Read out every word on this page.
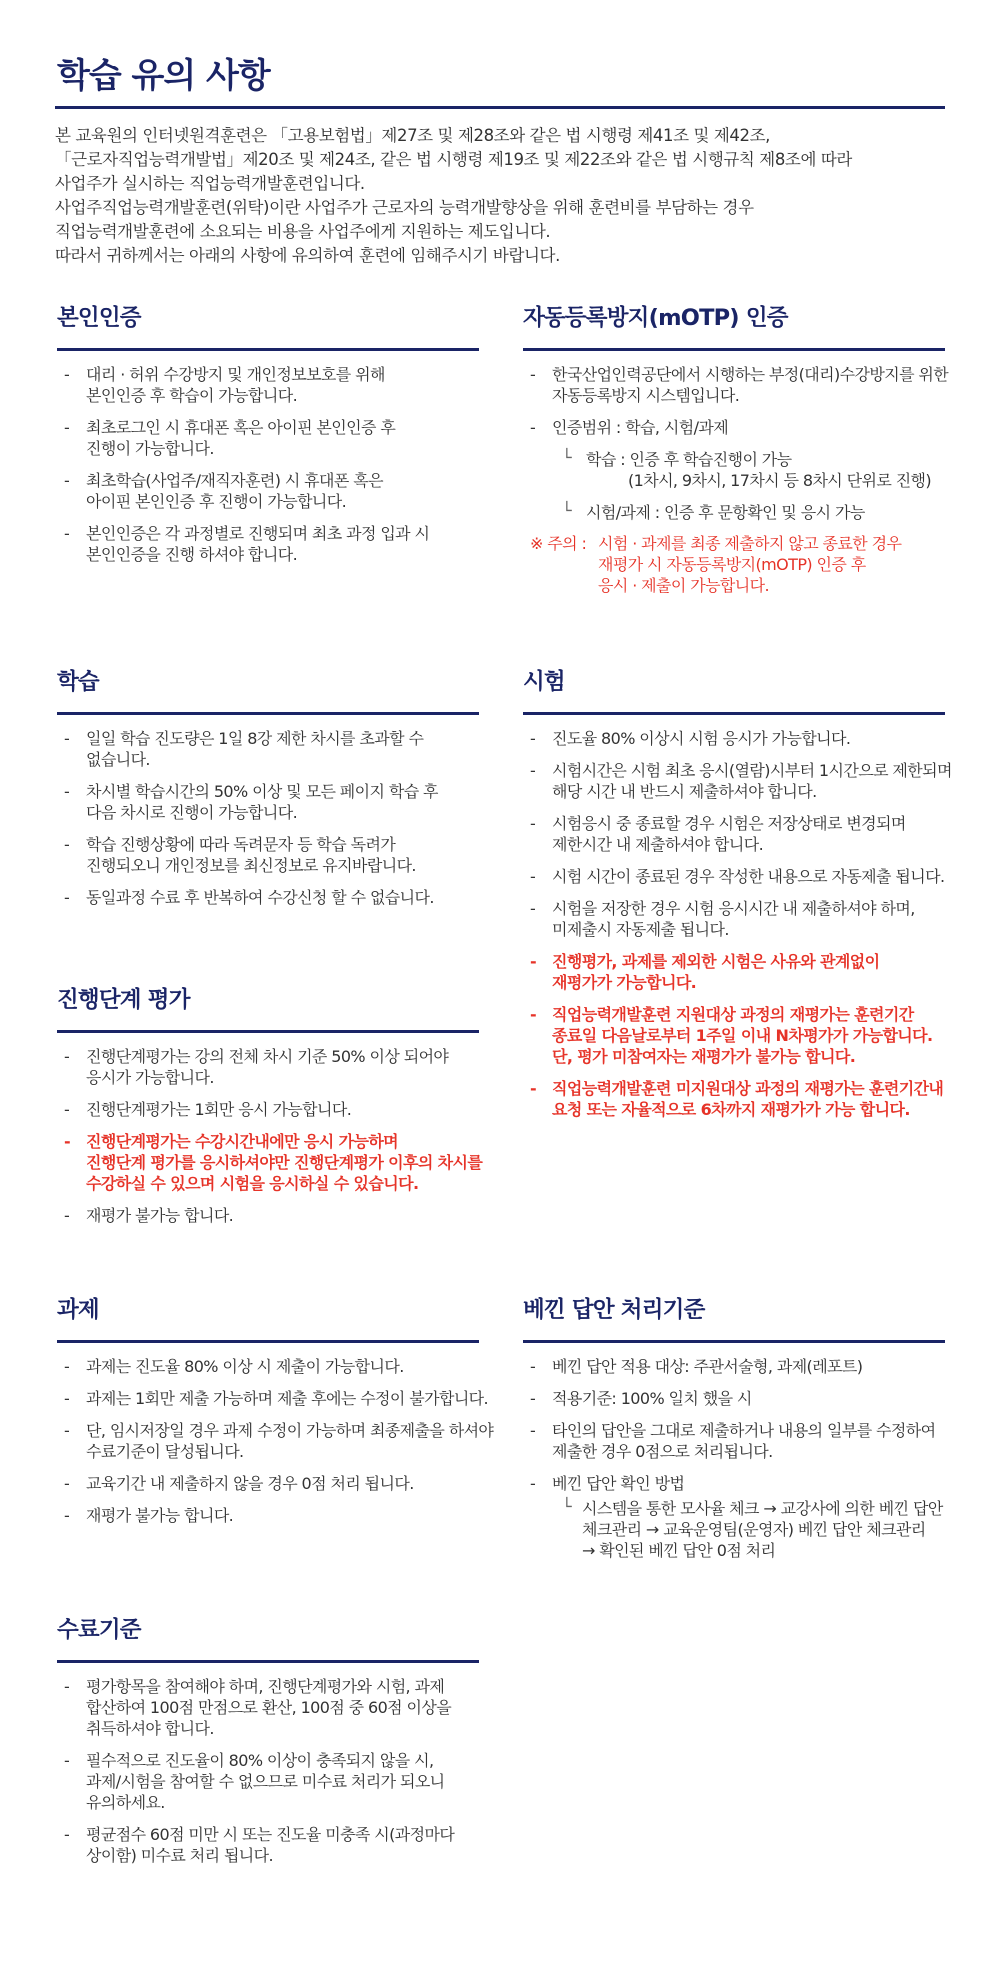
학습 유의 사항
본 교육원의 인터넷원격훈련은 「고용보험법」제27조 및 제28조와 같은 법 시행령 제41조 및 제42조,
「근로자직업능력개발법」제20조 및 제24조, 같은 법 시행령 제19조 및 제22조와 같은 법 시행규칙 제8조에 따라
사업주가 실시하는 직업능력개발훈련입니다.
사업주직업능력개발훈련(위탁)이란 사업주가 근로자의 능력개발향상을 위해 훈련비를 부담하는 경우
직업능력개발훈련에 소요되는 비용을 사업주에게 지원하는 제도입니다.
따라서 귀하께서는 아래의 사항에 유의하여 훈련에 임해주시기 바랍니다.
본인인증
- 대리 · 허위 수강방지 및 개인정보보호를 위해
본인인증 후 학습이 가능합니다.
- 최초로그인 시 휴대폰 혹은 아이핀 본인인증 후
진행이 가능합니다.
- 최초학습(사업주/재직자훈련) 시 휴대폰 혹은
아이핀 본인인증 후 진행이 가능합니다.
- 본인인증은 각 과정별로 진행되며 최초 과정 입과 시
본인인증을 진행 하셔야 합니다.
자동등록방지(mOTP) 인증
- 한국산업인력공단에서 시행하는 부정(대리)수강방지를 위한
자동등록방지 시스템입니다.
- 인증범위 : 학습, 시험/과제
└ 학습 : 인증 후 학습진행이 가능
(1차시, 9차시, 17차시 등 8차시 단위로 진행)
└ 시험/과제 : 인증 후 문항확인 및 응시 가능
※ 주의 : 시험 · 과제를 최종 제출하지 않고 종료한 경우
재평가 시 자동등록방지(mOTP) 인증 후
응시 · 제출이 가능합니다.
학습
- 일일 학습 진도량은 1일 8강 제한 차시를 초과할 수
없습니다.
- 차시별 학습시간의 50% 이상 및 모든 페이지 학습 후
다음 차시로 진행이 가능합니다.
- 학습 진행상황에 따라 독려문자 등 학습 독려가
진행되오니 개인정보를 최신정보로 유지바랍니다.
- 동일과정 수료 후 반복하여 수강신청 할 수 없습니다.
시험
- 진도율 80% 이상시 시험 응시가 가능합니다.
- 시험시간은 시험 최초 응시(열람)시부터 1시간으로 제한되며
해당 시간 내 반드시 제출하셔야 합니다.
- 시험응시 중 종료할 경우 시험은 저장상태로 변경되며
제한시간 내 제출하셔야 합니다.
- 시험 시간이 종료된 경우 작성한 내용으로 자동제출 됩니다.
- 시험을 저장한 경우 시험 응시시간 내 제출하셔야 하며,
미제출시 자동제출 됩니다.
- 진행평가, 과제를 제외한 시험은 사유와 관계없이
재평가가 가능합니다.
- 직업능력개발훈련 지원대상 과정의 재평가는 훈련기간
종료일 다음날로부터 1주일 이내 N차평가가 가능합니다.
단, 평가 미참여자는 재평가가 불가능 합니다.
- 직업능력개발훈련 미지원대상 과정의 재평가는 훈련기간내
요청 또는 자율적으로 6차까지 재평가가 가능 합니다.
진행단계 평가
- 진행단계평가는 강의 전체 차시 기준 50% 이상 되어야
응시가 가능합니다.
- 진행단계평가는 1회만 응시 가능합니다.
- 진행단계평가는 수강시간내에만 응시 가능하며
진행단계 평가를 응시하셔야만 진행단계평가 이후의 차시를
수강하실 수 있으며 시험을 응시하실 수 있습니다.
- 재평가 불가능 합니다.
과제
- 과제는 진도율 80% 이상 시 제출이 가능합니다.
- 과제는 1회만 제출 가능하며 제출 후에는 수정이 불가합니다.
- 단, 임시저장일 경우 과제 수정이 가능하며 최종제출을 하셔야
수료기준이 달성됩니다.
- 교육기간 내 제출하지 않을 경우 0점 처리 됩니다.
- 재평가 불가능 합니다.
베낀 답안 처리기준
- 베낀 답안 적용 대상: 주관서술형, 과제(레포트)
- 적용기준: 100% 일치 했을 시
- 타인의 답안을 그대로 제출하거나 내용의 일부를 수정하여
제출한 경우 0점으로 처리됩니다.
- 베낀 답안 확인 방법
└ 시스템을 통한 모사율 체크 → 교강사에 의한 베낀 답안
체크관리 → 교육운영팀(운영자) 베낀 답안 체크관리
→ 확인된 베낀 답안 0점 처리
수료기준
- 평가항목을 참여해야 하며, 진행단계평가와 시험, 과제
합산하여 100점 만점으로 환산, 100점 중 60점 이상을
취득하셔야 합니다.
- 필수적으로 진도율이 80% 이상이 충족되지 않을 시,
과제/시험을 참여할 수 없으므로 미수료 처리가 되오니
유의하세요.
- 평균점수 60점 미만 시 또는 진도율 미충족 시(과정마다
상이함) 미수료 처리 됩니다.
